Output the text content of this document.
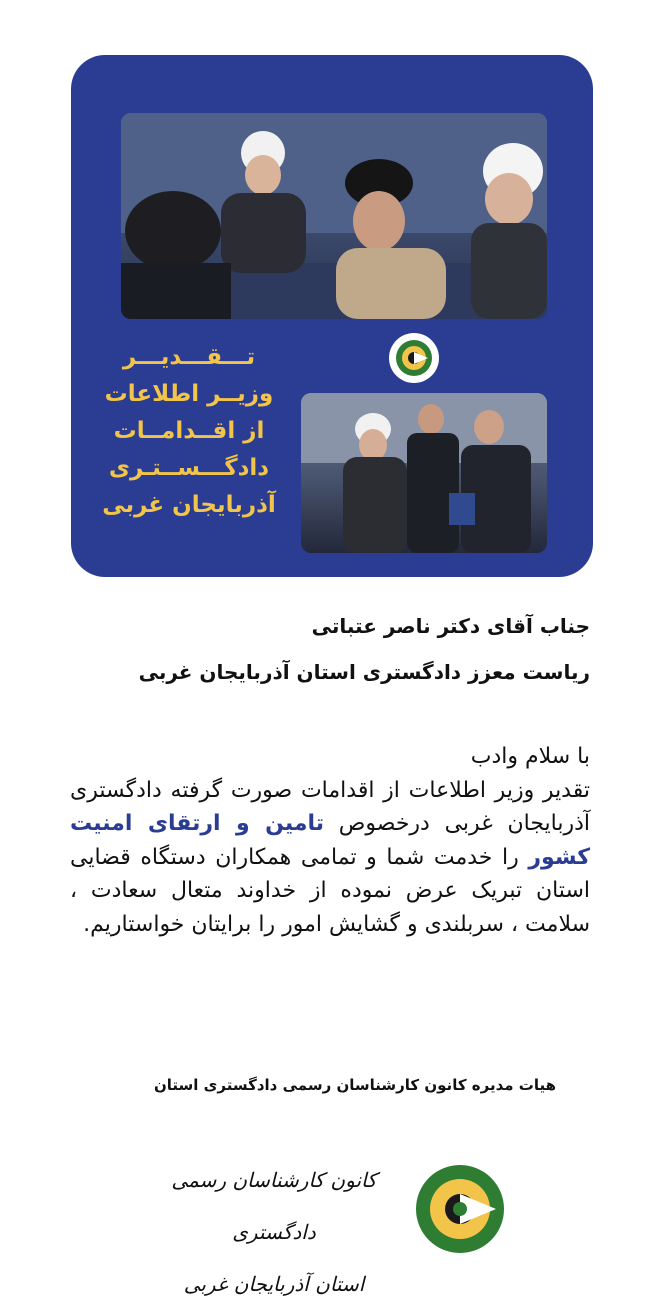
تـــقـــدیـــر
وزیــر اطلاعات
از اقــدامــات
دادگـــســتـری
آذربایجان غربی
جناب آقای دکتر ناصر عتباتی
ریاست معزز دادگستری استان آذربایجان غربی
با سلام وادب
تقدیر وزیر اطلاعات از اقدامات صورت گرفته دادگستری آذربایجان غربی درخصوص تامین و ارتقای امنیت کشور را خدمت شما و تمامی همکاران دستگاه قضایی استان تبریک عرض نموده از خداوند متعال سعادت ، سلامت ، سربلندی و گشایش امور را برایتان خواستاریم.
هیات مدیره کانون کارشناسان رسمی دادگستری استان
کانون کارشناسان رسمی دادگستری
استان آذربایجان غربی
